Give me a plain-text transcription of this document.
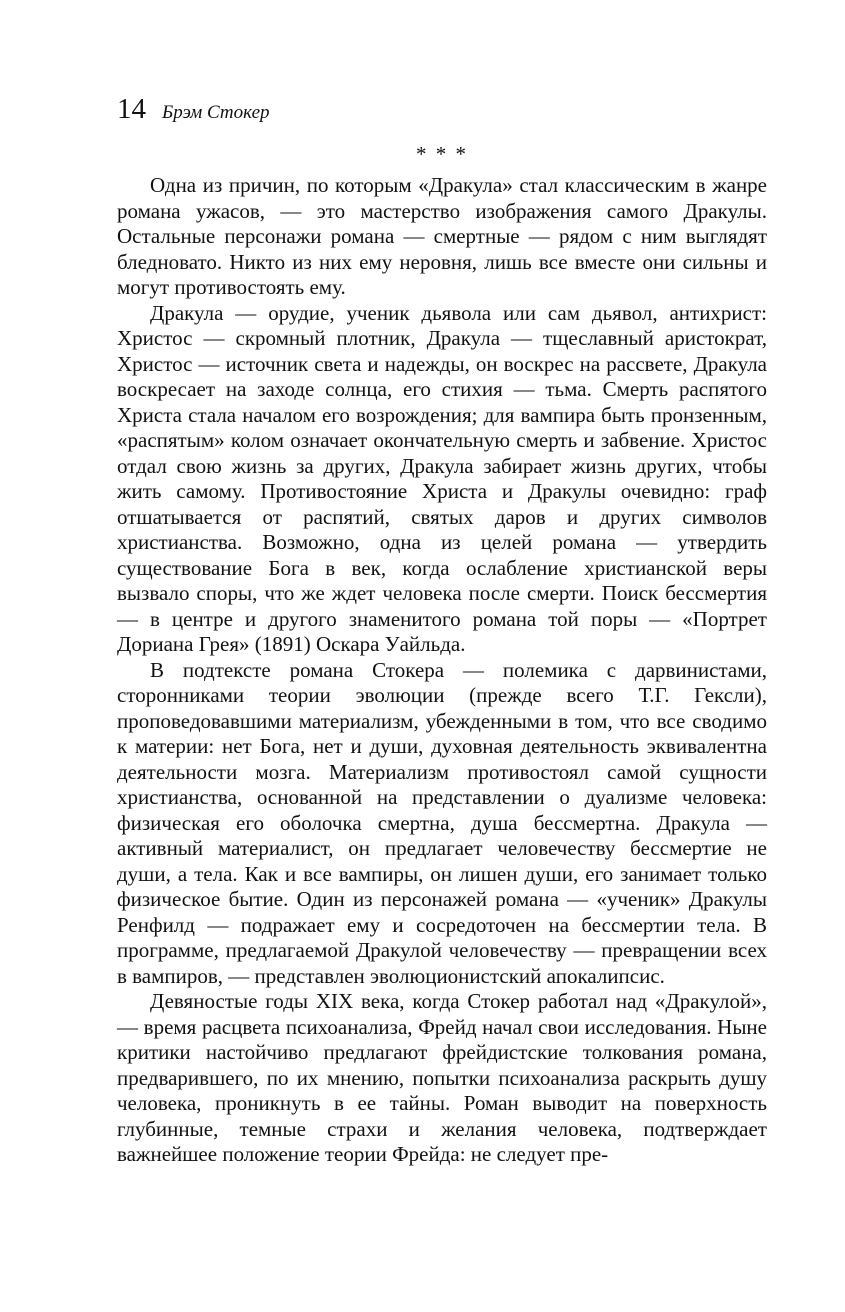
14 Брэм Стокер
* * *

Одна из причин, по которым «Дракула» стал классическим в жанре романа ужасов, — это мастерство изображения самого Дракулы. Остальные персонажи романа — смертные — рядом с ним выглядят бледновато. Никто из них ему неровня, лишь все вместе они сильны и могут противостоять ему.

Дракула — орудие, ученик дьявола или сам дьявол, антихрист: Христос — скромный плотник, Дракула — тщеславный аристократ, Христос — источник света и надежды, он воскрес на рассвете, Дракула воскресает на заходе солнца, его стихия — тьма. Смерть распятого Христа стала началом его возрождения; для вампира быть пронзенным, «распятым» колом означает окончательную смерть и забвение. Христос отдал свою жизнь за других, Дракула забирает жизнь других, чтобы жить самому. Противостояние Христа и Дракулы очевидно: граф отшатывается от распятий, святых даров и других символов христианства. Возможно, одна из целей романа — утвердить существование Бога в век, когда ослабление христианской веры вызвало споры, что же ждет человека после смерти. Поиск бессмертия — в центре и другого знаменитого романа той поры — «Портрет Дориана Грея» (1891) Оскара Уайльда.

В подтексте романа Стокера — полемика с дарвинистами, сторонниками теории эволюции (прежде всего Т.Г. Гексли), проповедовавшими материализм, убежденными в том, что все сводимо к материи: нет Бога, нет и души, духовная деятельность эквивалентна деятельности мозга. Материализм противостоял самой сущности христианства, основанной на представлении о дуализме человека: физическая его оболочка смертна, душа бессмертна. Дракула — активный материалист, он предлагает человечеству бессмертие не души, а тела. Как и все вампиры, он лишен души, его занимает только физическое бытие. Один из персонажей романа — «ученик» Дракулы Ренфилд — подражает ему и сосредоточен на бессмертии тела. В программе, предлагаемой Дракулой человечеству — превращении всех в вампиров, — представлен эволюционистский апокалипсис.

Девяностые годы XIX века, когда Стокер работал над «Дракулой», — время расцвета психоанализа, Фрейд начал свои исследования. Ныне критики настойчиво предлагают фрейдистские толкования романа, предварившего, по их мнению, попытки психоанализа раскрыть душу человека, проникнуть в ее тайны. Роман выводит на поверхность глубинные, темные страхи и желания человека, подтверждает важнейшее положение теории Фрейда: не следует пре-
